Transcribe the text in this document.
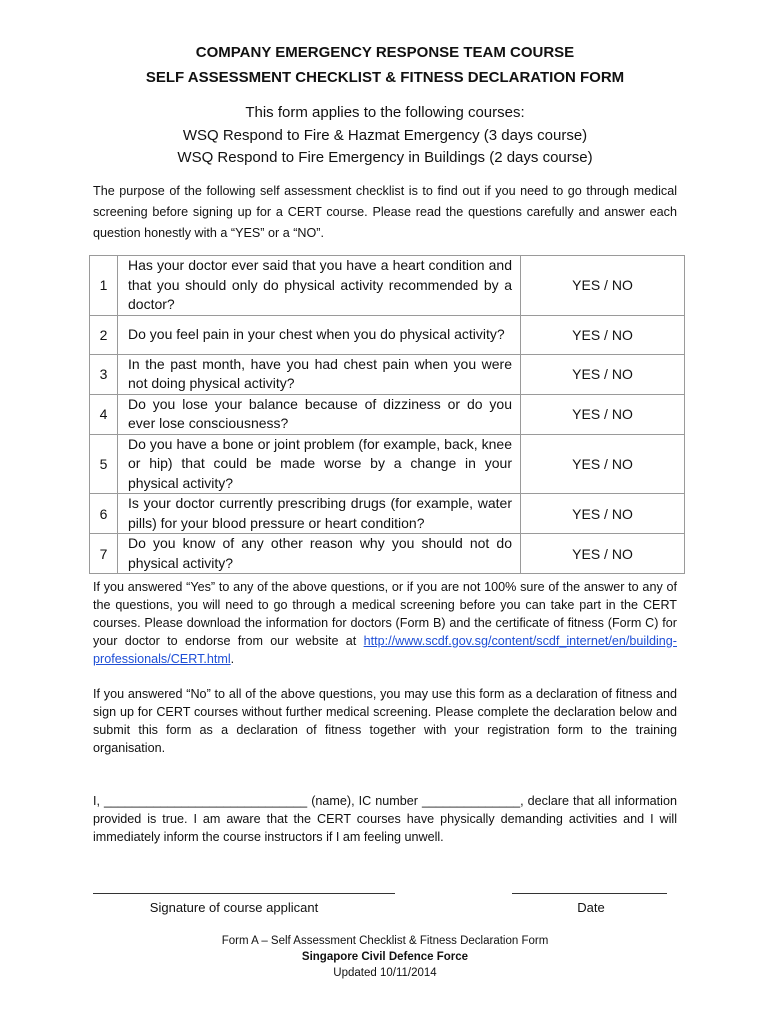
COMPANY EMERGENCY RESPONSE TEAM COURSE
SELF ASSESSMENT CHECKLIST & FITNESS DECLARATION FORM
This form applies to the following courses:
WSQ Respond to Fire & Hazmat Emergency (3 days course)
WSQ Respond to Fire Emergency in Buildings (2 days course)
The purpose of the following self assessment checklist is to find out if you need to go through medical screening before signing up for a CERT course. Please read the questions carefully and answer each question honestly with a “YES” or a “NO”.
1	Has your doctor ever said that you have a heart condition and that you should only do physical activity recommended by a doctor?	YES / NO
2	Do you feel pain in your chest when you do physical activity?	YES / NO
3	In the past month, have you had chest pain when you were not doing physical activity?	YES / NO
4	Do you lose your balance because of dizziness or do you ever lose consciousness?	YES / NO
5	Do you have a bone or joint problem (for example, back, knee or hip) that could be made worse by a change in your physical activity?	YES / NO
6	Is your doctor currently prescribing drugs (for example, water pills) for your blood pressure or heart condition?	YES / NO
7	Do you know of any other reason why you should not do physical activity?	YES / NO
If you answered “Yes” to any of the above questions, or if you are not 100% sure of the answer to any of the questions, you will need to go through a medical screening before you can take part in the CERT courses. Please download the information for doctors (Form B) and the certificate of fitness (Form C) for your doctor to endorse from our website at http://www.scdf.gov.sg/content/scdf_internet/en/building-professionals/CERT.html.
If you answered “No” to all of the above questions, you may use this form as a declaration of fitness and sign up for CERT courses without further medical screening. Please complete the declaration below and submit this form as a declaration of fitness together with your registration form to the training organisation.
I, _____________________________ (name), IC number ______________, declare that all information provided is true. I am aware that the CERT courses have physically demanding activities and I will immediately inform the course instructors if I am feeling unwell.
Signature of course applicant	Date
Form A – Self Assessment Checklist & Fitness Declaration Form
Singapore Civil Defence Force
Updated 10/11/2014
